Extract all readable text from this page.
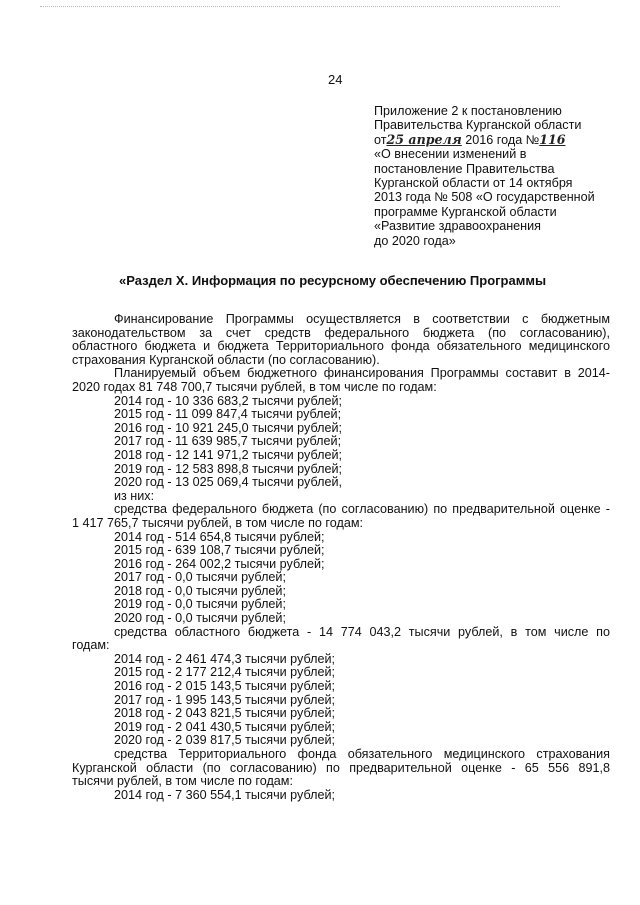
24
Приложение 2 к постановлению
Правительства Курганской области
от25 апреля 2016 года №116
«О внесении изменений в
постановление Правительства
Курганской области от 14 октября
2013 года № 508 «О государственной
программе Курганской области
«Развитие здравоохранения
до 2020 года»
«Раздел X. Информация по ресурсному обеспечению Программы
Финансирование Программы осуществляется в соответствии с бюджетным
законодательством за счет средств федерального бюджета (по согласованию),
областного бюджета и бюджета Территориального фонда обязательного медицинского
страхования Курганской области (по согласованию).
Планируемый объем бюджетного финансирования Программы составит в 2014-
2020 годах 81 748 700,7 тысячи рублей, в том числе по годам:
2014 год - 10 336 683,2 тысячи рублей;
2015 год - 11 099 847,4 тысячи рублей;
2016 год - 10 921 245,0 тысячи рублей;
2017 год - 11 639 985,7 тысячи рублей;
2018 год - 12 141 971,2 тысячи рублей;
2019 год - 12 583 898,8 тысячи рублей;
2020 год - 13 025 069,4 тысячи рублей,
из них:
средства федерального бюджета (по согласованию) по предварительной оценке -
1 417 765,7 тысячи рублей, в том числе по годам:
2014 год - 514 654,8 тысячи рублей;
2015 год - 639 108,7 тысячи рублей;
2016 год - 264 002,2 тысячи рублей;
2017 год - 0,0 тысячи рублей;
2018 год - 0,0 тысячи рублей;
2019 год - 0,0 тысячи рублей;
2020 год - 0,0 тысячи рублей;
средства областного бюджета - 14 774 043,2 тысячи рублей, в том числе по
годам:
2014 год - 2 461 474,3 тысячи рублей;
2015 год - 2 177 212,4 тысячи рублей;
2016 год - 2 015 143,5 тысячи рублей;
2017 год - 1 995 143,5 тысячи рублей;
2018 год - 2 043 821,5 тысячи рублей;
2019 год - 2 041 430,5 тысячи рублей;
2020 год - 2 039 817,5 тысячи рублей;
средства Территориального фонда обязательного медицинского страхования
Курганской области (по согласованию) по предварительной оценке - 65 556 891,8
тысячи рублей, в том числе по годам:
2014 год - 7 360 554,1 тысячи рублей;
